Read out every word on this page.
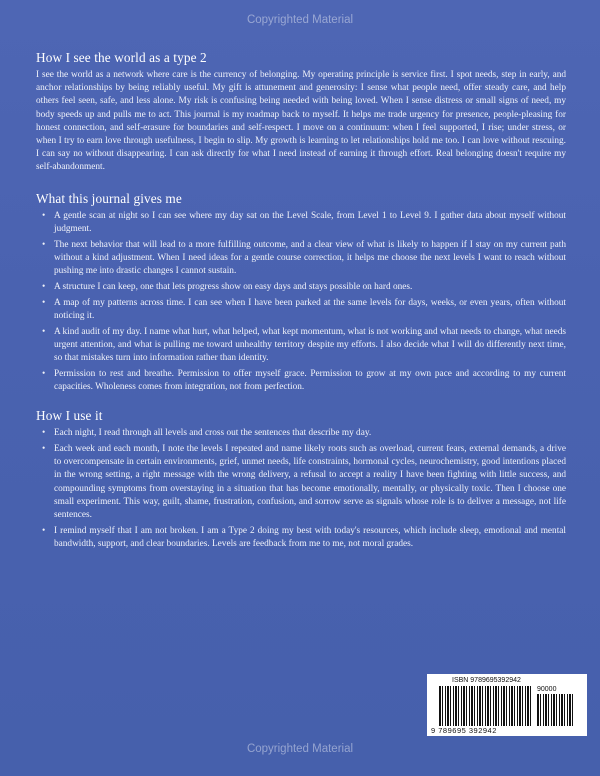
Copyrighted Material
How I see the world as a type 2

I see the world as a network where care is the currency of belonging. My operating principle is service first. I spot needs, step in early, and anchor relationships by being reliably useful. My gift is attunement and generosity: I sense what people need, offer steady care, and help others feel seen, safe, and less alone. My risk is confusing being needed with being loved. When I sense distress or small signs of need, my body speeds up and pulls me to act. This journal is my roadmap back to myself. It helps me trade urgency for presence, people-pleasing for honest connection, and self-erasure for boundaries and self-respect. I move on a continuum: when I feel supported, I rise; under stress, or when I try to earn love through usefulness, I begin to slip. My growth is learning to let relationships hold me too. I can love without rescuing. I can say no without disappearing. I can ask directly for what I need instead of earning it through effort. Real belonging doesn't require my self-abandonment.

What this journal gives me
• A gentle scan at night so I can see where my day sat on the Level Scale, from Level 1 to Level 9. I gather data about myself without judgment.
• The next behavior that will lead to a more fulfilling outcome, and a clear view of what is likely to happen if I stay on my current path without a kind adjustment. When I need ideas for a gentle course correction, it helps me choose the next levels I want to reach without pushing me into drastic changes I cannot sustain.
• A structure I can keep, one that lets progress show on easy days and stays possible on hard ones.
• A map of my patterns across time. I can see when I have been parked at the same levels for days, weeks, or even years, often without noticing it.
• A kind audit of my day. I name what hurt, what helped, what kept momentum, what is not working and what needs to change, what needs urgent attention, and what is pulling me toward unhealthy territory despite my efforts. I also decide what I will do differently next time, so that mistakes turn into information rather than identity.
• Permission to rest and breathe. Permission to offer myself grace. Permission to grow at my own pace and according to my current capacities. Wholeness comes from integration, not from perfection.
How I use it
• Each night, I read through all levels and cross out the sentences that describe my day.
• Each week and each month, I note the levels I repeated and name likely roots such as overload, current fears, external demands, a drive to overcompensate in certain environments, grief, unmet needs, life constraints, hormonal cycles, neurochemistry, good intentions placed in the wrong setting, a right message with the wrong delivery, a refusal to accept a reality I have been fighting with little success, and compounding symptoms from overstaying in a situation that has become emotionally, mentally, or physically toxic. Then I choose one small experiment. This way, guilt, shame, frustration, confusion, and sorrow serve as signals whose role is to deliver a message, not life sentences.
• I remind myself that I am not broken. I am a Type 2 doing my best with today's resources, which include sleep, emotional and mental bandwidth, support, and clear boundaries. Levels are feedback from me to me, not moral grades.
ISBN 9789695392942
90000
9 789695 392942
Copyrighted Material
